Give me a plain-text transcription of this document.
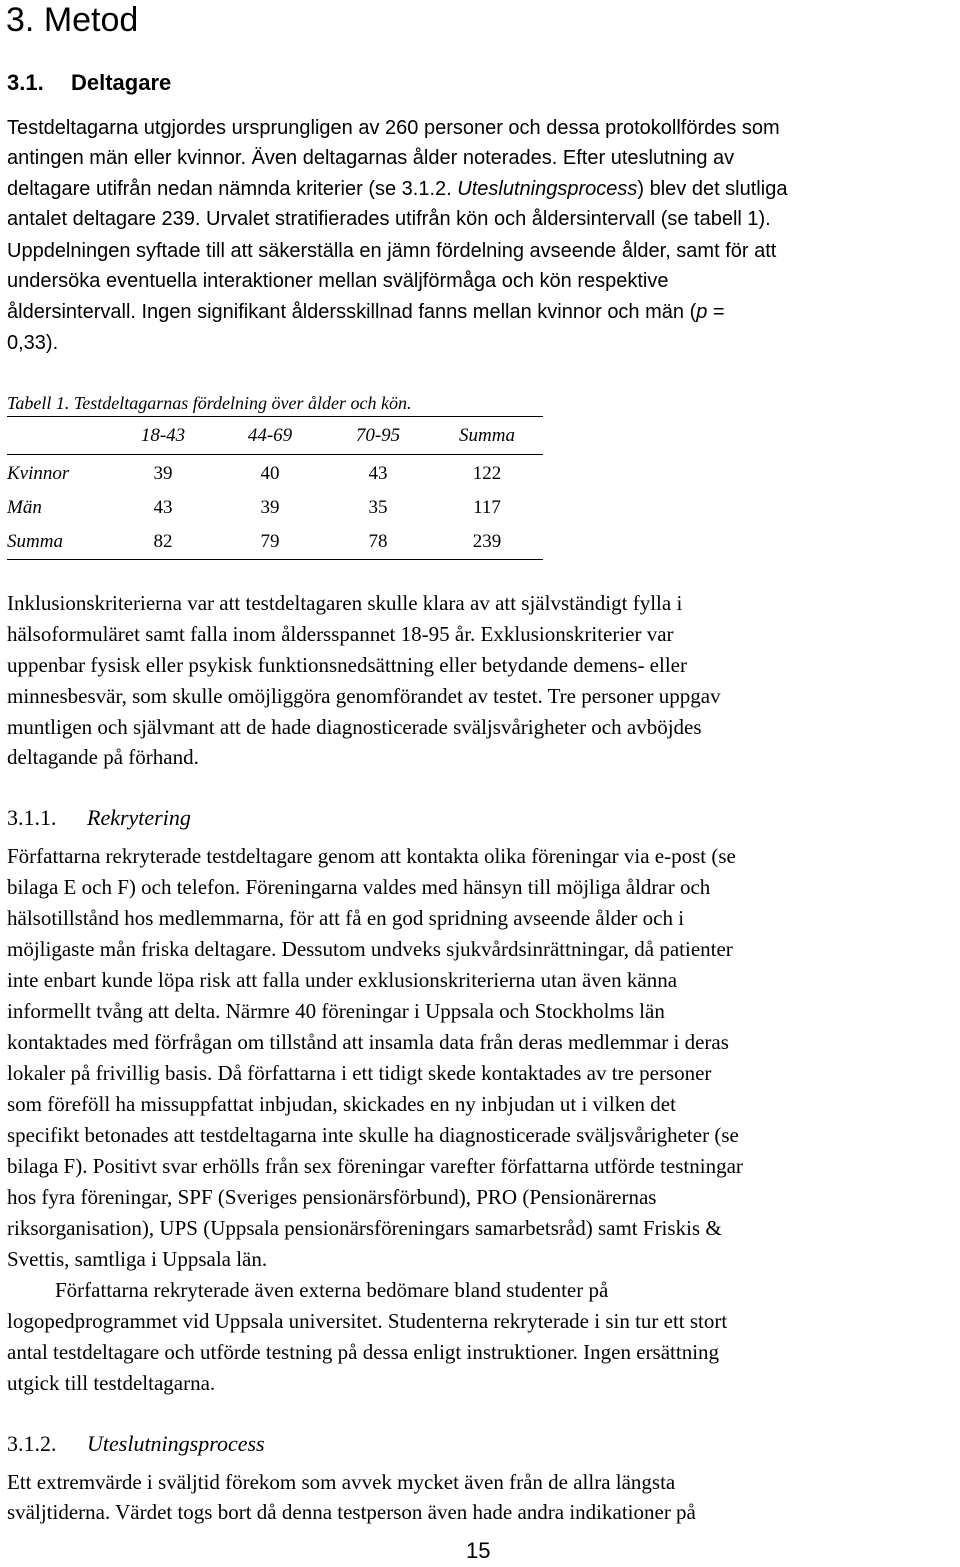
3. Metod
3.1. Deltagare
Testdeltagarna utgjordes ursprungligen av 260 personer och dessa protokollfördes som
antingen män eller kvinnor. Även deltagarnas ålder noterades. Efter uteslutning av
deltagare utifrån nedan nämnda kriterier (se 3.1.2. Uteslutningsprocess) blev det slutliga
antalet deltagare 239. Urvalet stratifierades utifrån kön och åldersintervall (se tabell 1).
Uppdelningen syftade till att säkerställa en jämn fördelning avseende ålder, samt för att
undersöka eventuella interaktioner mellan sväljförmåga och kön respektive
åldersintervall. Ingen signifikant åldersskillnad fanns mellan kvinnor och män (p =
0,33).
Tabell 1. Testdeltagarnas fördelning över ålder och kön.
	18-43	44-69	70-95	Summa
Kvinnor	39	40	43	122
Män	43	39	35	117
Summa	82	79	78	239
Inklusionskriterierna var att testdeltagaren skulle klara av att självständigt fylla i
hälsoformuläret samt falla inom åldersspannet 18-95 år. Exklusionskriterier var
uppenbar fysisk eller psykisk funktionsnedsättning eller betydande demens- eller
minnesbesvär, som skulle omöjliggöra genomförandet av testet. Tre personer uppgav
muntligen och självmant att de hade diagnosticerade sväljsvårigheter och avböjdes
deltagande på förhand.
3.1.1. Rekrytering
Författarna rekryterade testdeltagare genom att kontakta olika föreningar via e-post (se
bilaga E och F) och telefon. Föreningarna valdes med hänsyn till möjliga åldrar och
hälsotillstånd hos medlemmarna, för att få en god spridning avseende ålder och i
möjligaste mån friska deltagare. Dessutom undveks sjukvårdsinrättningar, då patienter
inte enbart kunde löpa risk att falla under exklusionskriterierna utan även känna
informellt tvång att delta. Närmre 40 föreningar i Uppsala och Stockholms län
kontaktades med förfrågan om tillstånd att insamla data från deras medlemmar i deras
lokaler på frivillig basis. Då författarna i ett tidigt skede kontaktades av tre personer
som föreföll ha missuppfattat inbjudan, skickades en ny inbjudan ut i vilken det
specifikt betonades att testdeltagarna inte skulle ha diagnosticerade sväljsvårigheter (se
bilaga F). Positivt svar erhölls från sex föreningar varefter författarna utförde testningar
hos fyra föreningar, SPF (Sveriges pensionärsförbund), PRO (Pensionärernas
riksorganisation), UPS (Uppsala pensionärsföreningars samarbetsråd) samt Friskis &
Svettis, samtliga i Uppsala län.
Författarna rekryterade även externa bedömare bland studenter på
logopedprogrammet vid Uppsala universitet. Studenterna rekryterade i sin tur ett stort
antal testdeltagare och utförde testning på dessa enligt instruktioner. Ingen ersättning
utgick till testdeltagarna.
3.1.2. Uteslutningsprocess
Ett extremvärde i sväljtid förekom som avvek mycket även från de allra längsta
sväljtiderna. Värdet togs bort då denna testperson även hade andra indikationer på
15
